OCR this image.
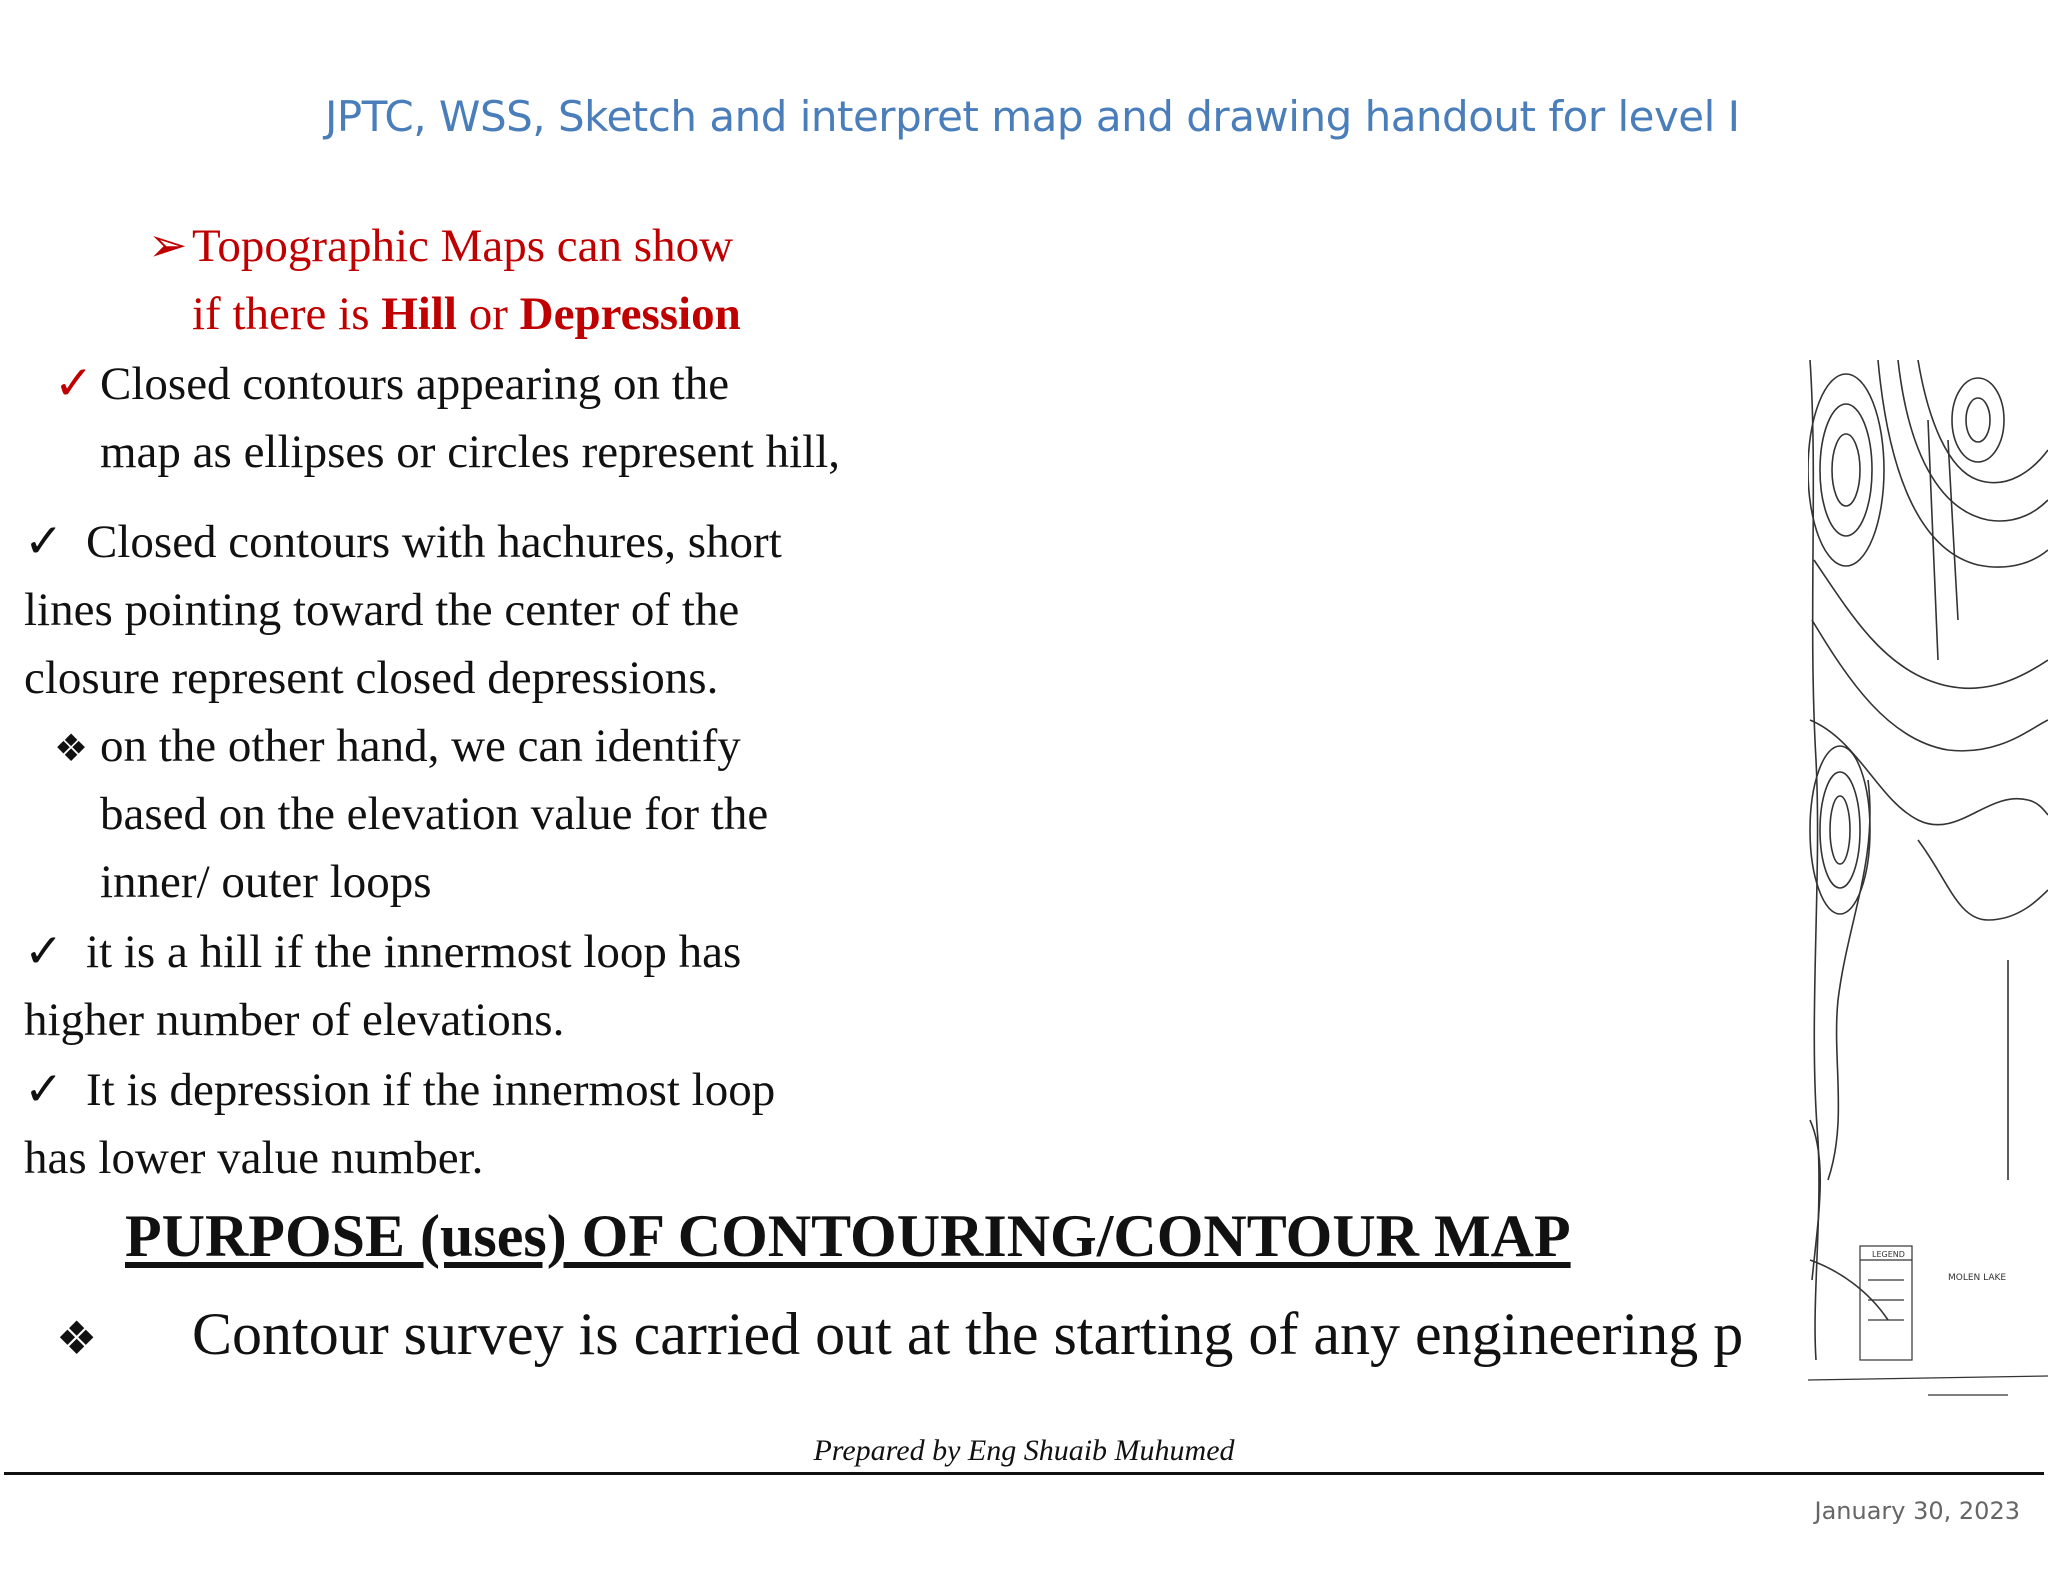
JPTC, WSS, Sketch and interpret map and drawing handout for level I
➢Topographic Maps can show
if there is Hill or Depression
✓ Closed contours appearing on the
map as ellipses or circles represent hill,
✓ Closed contours with hachures, short
lines pointing toward the center of the
closure represent closed depressions.
❖ on the other hand, we can identify
based on the elevation value for the
inner/ outer loops
✓ it is a hill if the innermost loop has
higher number of elevations.
✓ It is depression if the innermost loop
has lower value number.
LEGEND
MOLEN LAKE
PURPOSE (uses) OF CONTOURING/CONTOUR MAP
❖ Contour survey is carried out at the starting of any engineering p
Prepared by Eng Shuaib Muhumed
January 30, 2023
